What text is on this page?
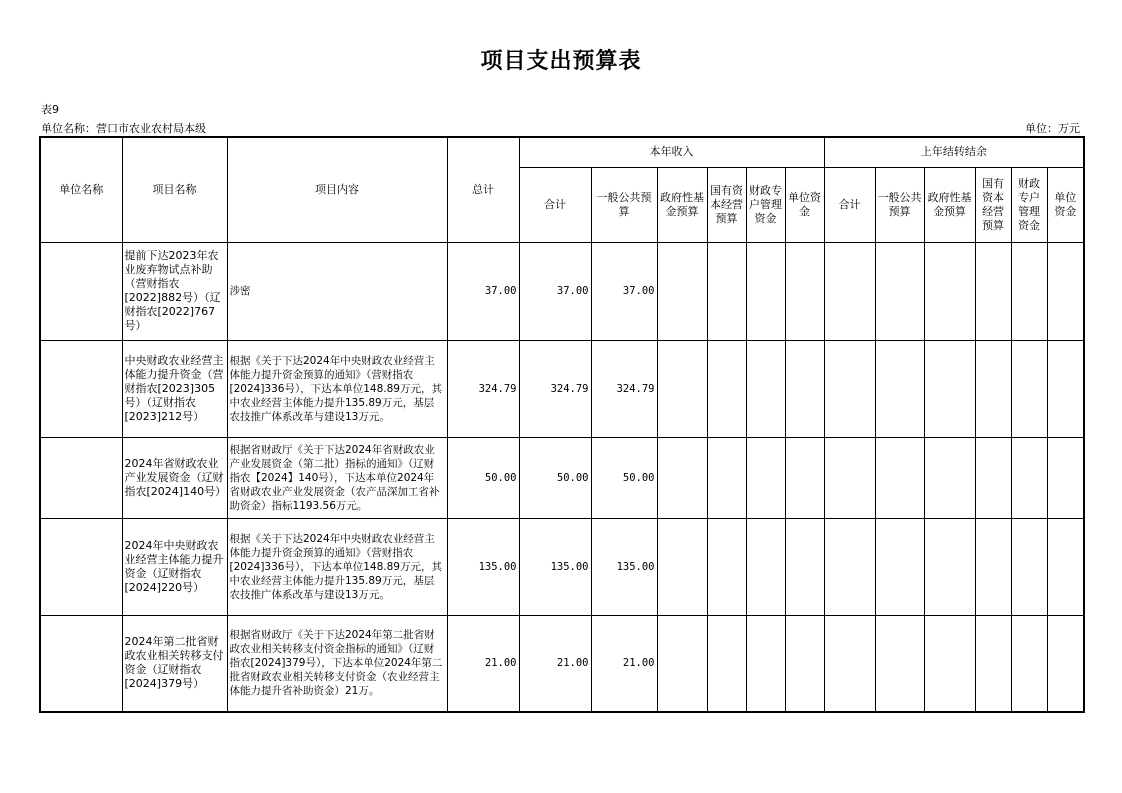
项目支出预算表
表9
单位名称：营口市农业农村局本级	单位：万元
单位名称	项目名称	项目内容	总计	本年收入						上年结转结余					
				合计	一般公共预算	政府性基金预算	国有资本经营预算	财政专户管理资金	单位资金	合计	一般公共预算	政府性基金预算	国有资本经营预算	财政专户管理资金	单位资金
	提前下达2023年农业废弃物试点补助（营财指农[2022]882号）（辽财指农[2022]767号）	涉密	37.00	37.00	37.00										
	中央财政农业经营主体能力提升资金（营财指农[2023]305号）（辽财指农[2023]212号）	根据《关于下达2024年中央财政农业经营主体能力提升资金预算的通知》（营财指农[2024]336号），下达本单位148.89万元，其中农业经营主体能力提升135.89万元，基层农技推广体系改革与建设13万元。	324.79	324.79	324.79										
	2024年省财政农业产业发展资金（辽财指农[2024]140号）	根据省财政厅《关于下达2024年省财政农业产业发展资金（第二批）指标的通知》（辽财指农【2024】140号），下达本单位2024年省财政农业产业发展资金（农产品深加工省补助资金）指标1193.56万元。	50.00	50.00	50.00										
	2024年中央财政农业经营主体能力提升资金（辽财指农[2024]220号）	根据《关于下达2024年中央财政农业经营主体能力提升资金预算的通知》（营财指农[2024]336号），下达本单位148.89万元，其中农业经营主体能力提升135.89万元，基层农技推广体系改革与建设13万元。	135.00	135.00	135.00										
	2024年第二批省财政农业相关转移支付资金（辽财指农[2024]379号）	根据省财政厅《关于下达2024年第二批省财政农业相关转移支付资金指标的通知》（辽财指农[2024]379号），下达本单位2024年第二批省财政农业相关转移支付资金（农业经营主体能力提升省补助资金）21万。	21.00	21.00	21.00										
